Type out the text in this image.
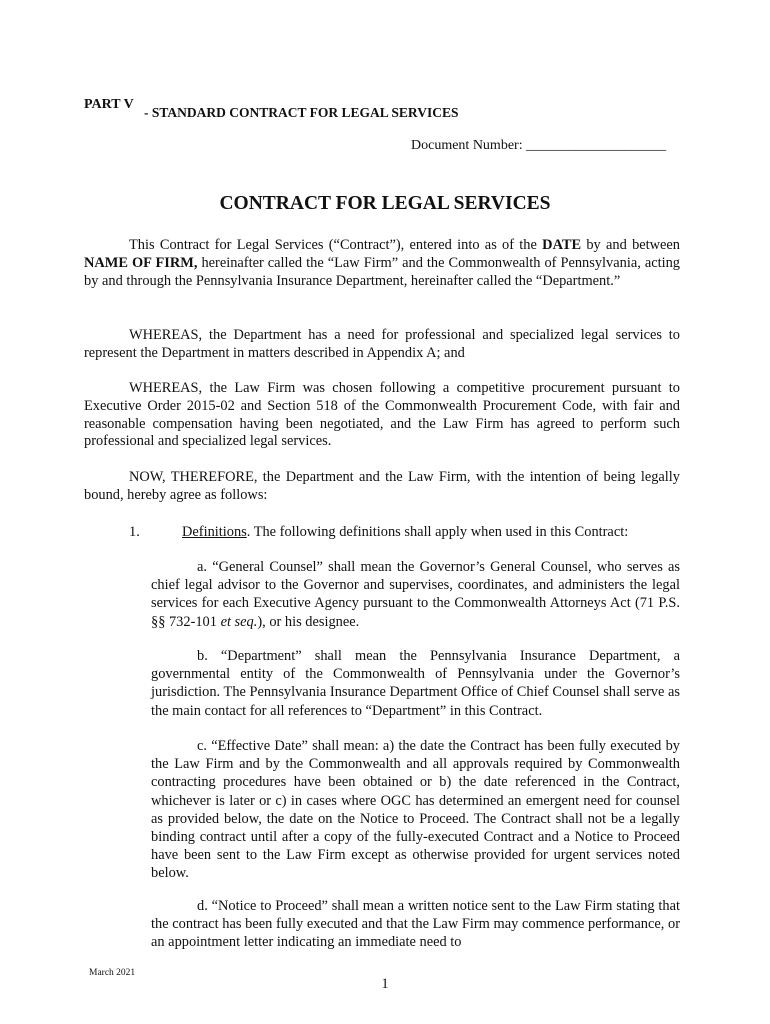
PART V
- STANDARD CONTRACT FOR LEGAL SERVICES
Document Number: ____________________
CONTRACT FOR LEGAL SERVICES
This Contract for Legal Services (“Contract”), entered into as of the DATE by and between NAME OF FIRM, hereinafter called the “Law Firm” and the Commonwealth of Pennsylvania, acting by and through the Pennsylvania Insurance Department, hereinafter called the “Department.”
WHEREAS, the Department has a need for professional and specialized legal services to represent the Department in matters described in Appendix A; and
WHEREAS, the Law Firm was chosen following a competitive procurement pursuant to Executive Order 2015-02 and Section 518 of the Commonwealth Procurement Code, with fair and reasonable compensation having been negotiated, and the Law Firm has agreed to perform such professional and specialized legal services.
NOW, THEREFORE, the Department and the Law Firm, with the intention of being legally bound, hereby agree as follows:
1.	Definitions. The following definitions shall apply when used in this Contract:
a. “General Counsel” shall mean the Governor’s General Counsel, who serves as chief legal advisor to the Governor and supervises, coordinates, and administers the legal services for each Executive Agency pursuant to the Commonwealth Attorneys Act (71 P.S. §§ 732-101 et seq.), or his designee.
b. “Department” shall mean the Pennsylvania Insurance Department, a governmental entity of the Commonwealth of Pennsylvania under the Governor’s jurisdiction. The Pennsylvania Insurance Department Office of Chief Counsel shall serve as the main contact for all references to “Department” in this Contract.
c. “Effective Date” shall mean: a) the date the Contract has been fully executed by the Law Firm and by the Commonwealth and all approvals required by Commonwealth contracting procedures have been obtained or b) the date referenced in the Contract, whichever is later or c) in cases where OGC has determined an emergent need for counsel as provided below, the date on the Notice to Proceed. The Contract shall not be a legally binding contract until after a copy of the fully-executed Contract and a Notice to Proceed have been sent to the Law Firm except as otherwise provided for urgent services noted below.
d. “Notice to Proceed” shall mean a written notice sent to the Law Firm stating that the contract has been fully executed and that the Law Firm may commence performance, or an appointment letter indicating an immediate need to
March 2021
1
